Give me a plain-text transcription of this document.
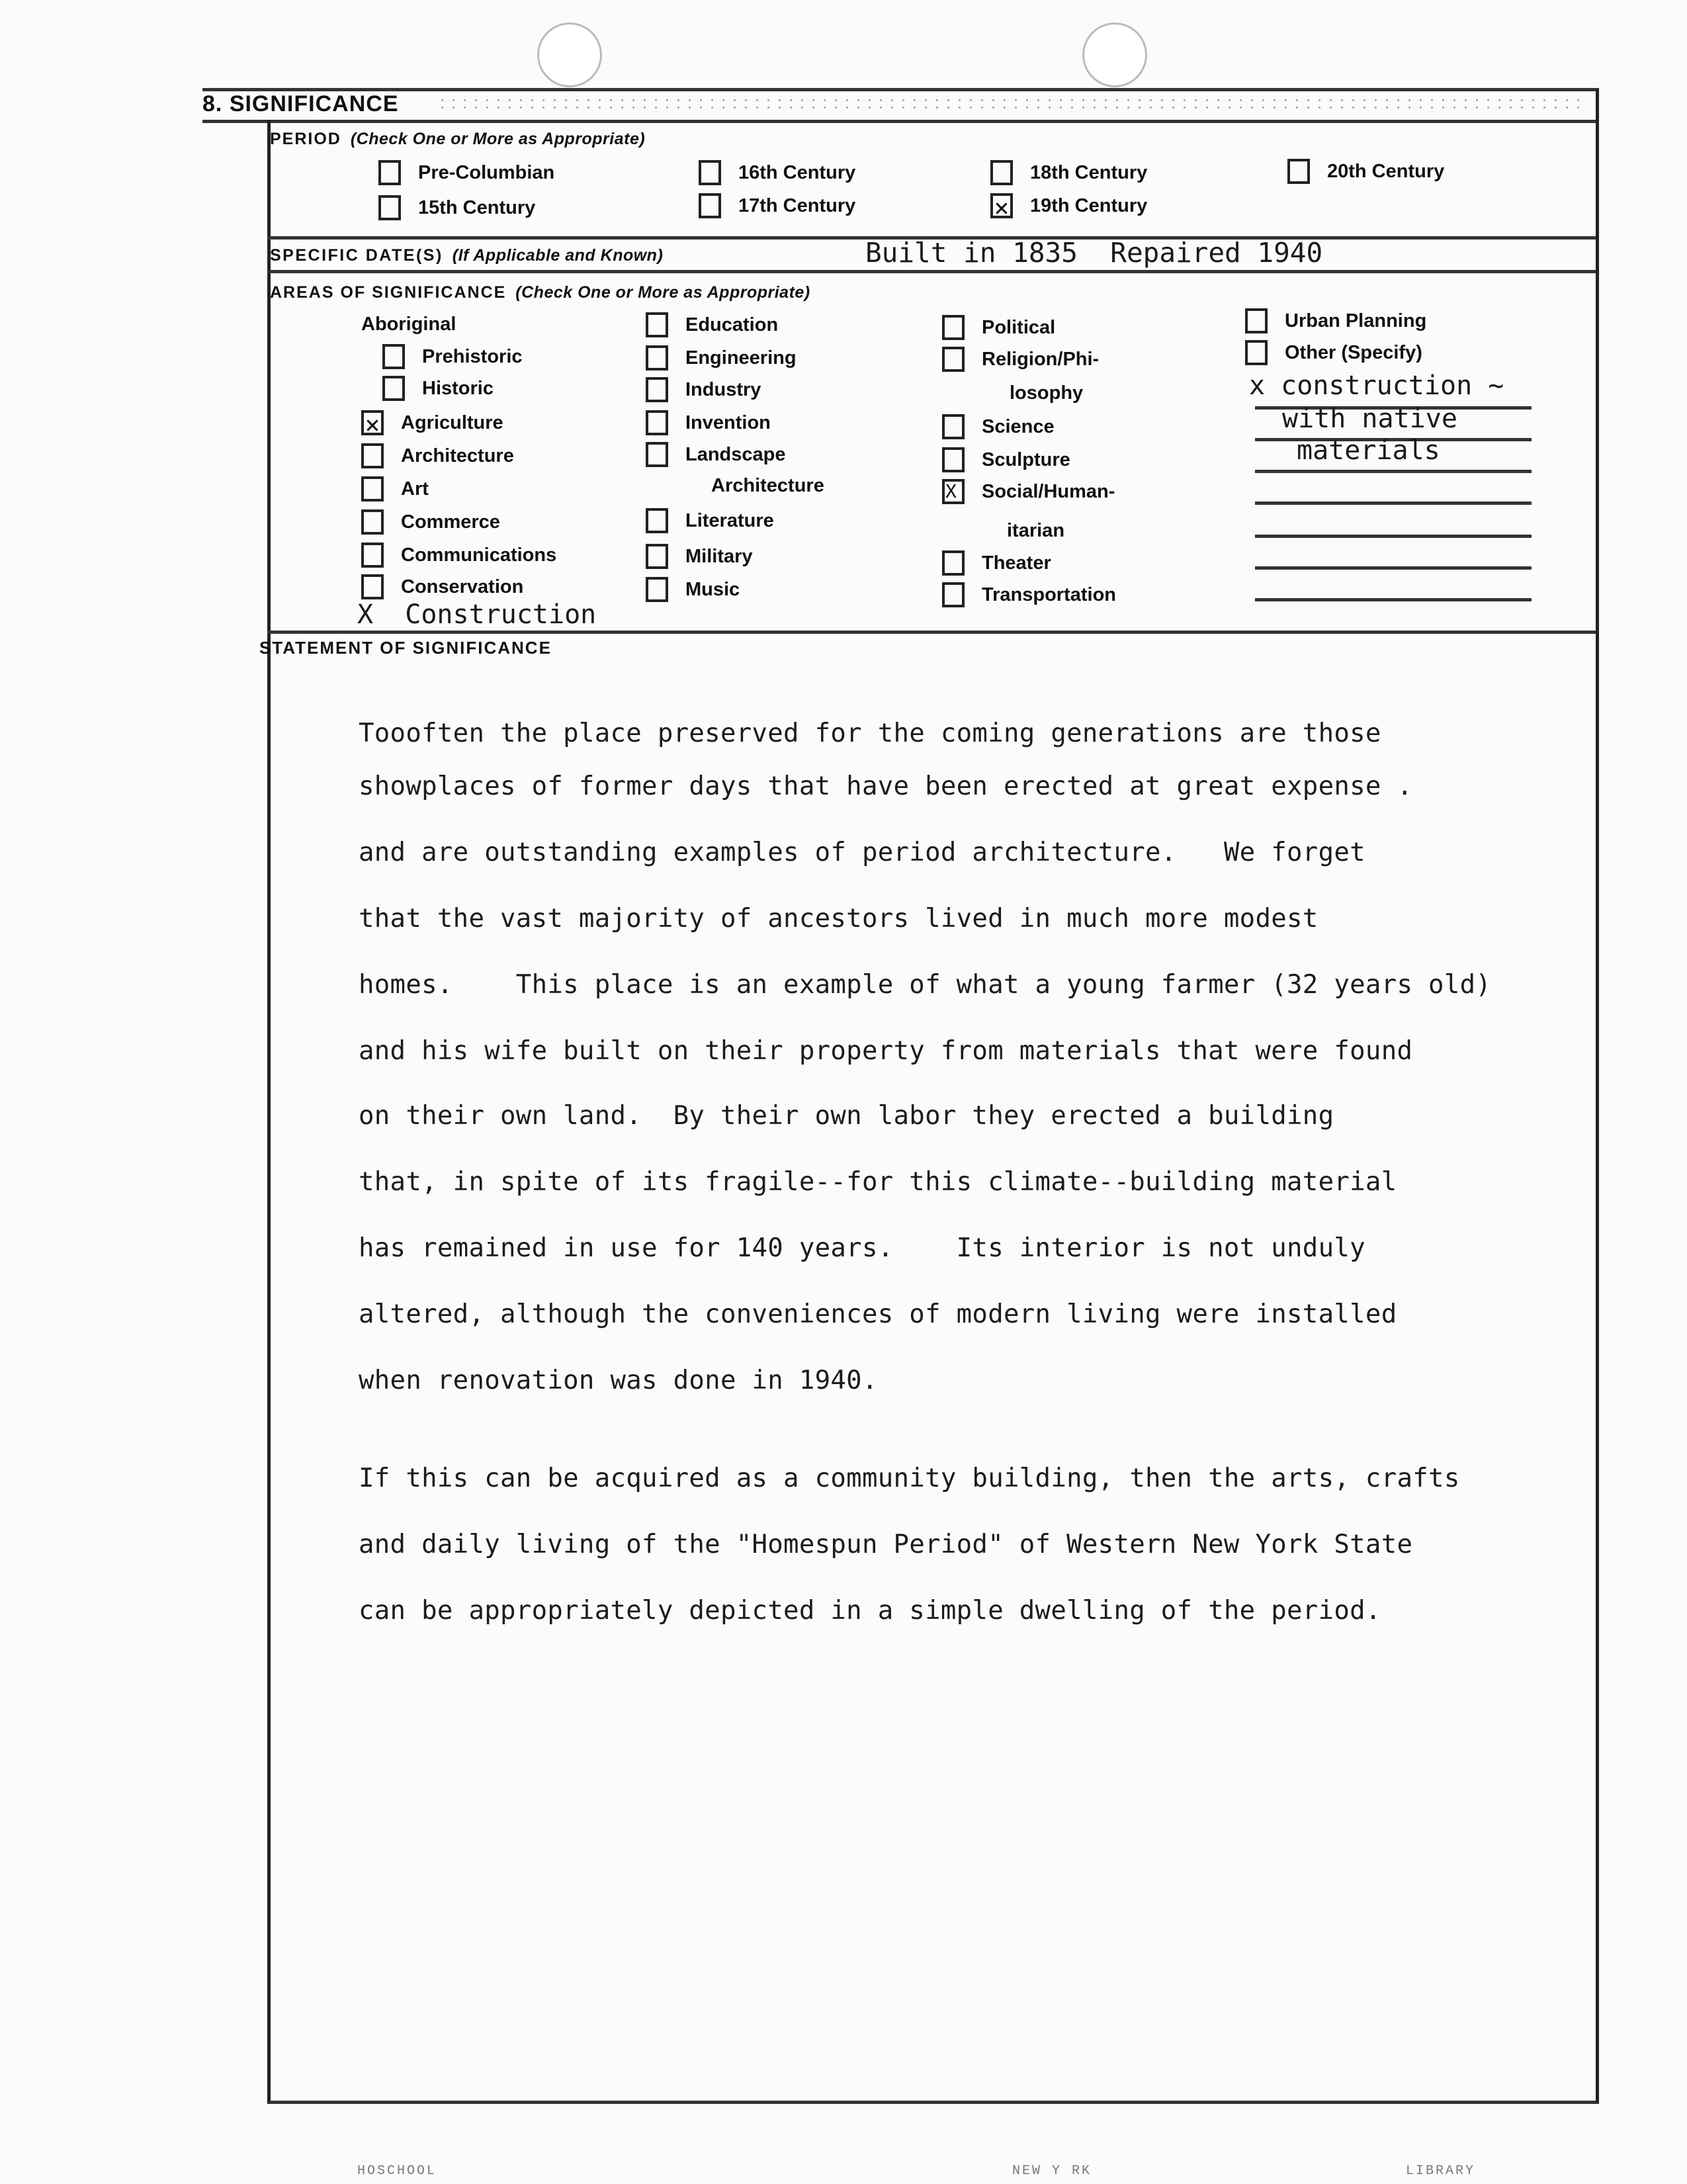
8. SIGNIFICANCE
PERIOD (Check One or More as Appropriate)
Pre-Columbian
15th Century
16th Century
17th Century
18th Century
×
19th Century
20th Century
SPECIFIC DATE(S) (If Applicable and Known)	Built in 1835  Repaired 1940
AREAS OF SIGNIFICANCE (Check One or More as Appropriate)
Aboriginal
Prehistoric
Historic
×
Agriculture
Architecture
Art
Commerce
Communications
Conservation
X  Construction
Education
Engineering
Industry
Invention
Landscape
Architecture
Literature
Military
Music
Political
Religion/Phi-
losophy
Science
Sculpture
X
Social/Human-
itarian
Theater
Transportation
Urban Planning
Other (Specify)
x construction ~
with native
materials
STATEMENT OF SIGNIFICANCE
Toooften the place preserved for the coming generations are those
showplaces of former days that have been erected at great expense .
and are outstanding examples of period architecture.   We forget
that the vast majority of ancestors lived in much more modest
homes.    This place is an example of what a young farmer (32 years old)
and his wife built on their property from materials that were found
on their own land.  By their own labor they erected a building
that, in spite of its fragile--for this climate--building material
has remained in use for 140 years.    Its interior is not unduly
altered, although the conveniences of modern living were installed
when renovation was done in 1940.
If this can be acquired as a community building, then the arts, crafts
and daily living of the "Homespun Period" of Western New York State
can be appropriately depicted in a simple dwelling of the period.
HOSCHOOL	NEW Y RK	LIBRARY
